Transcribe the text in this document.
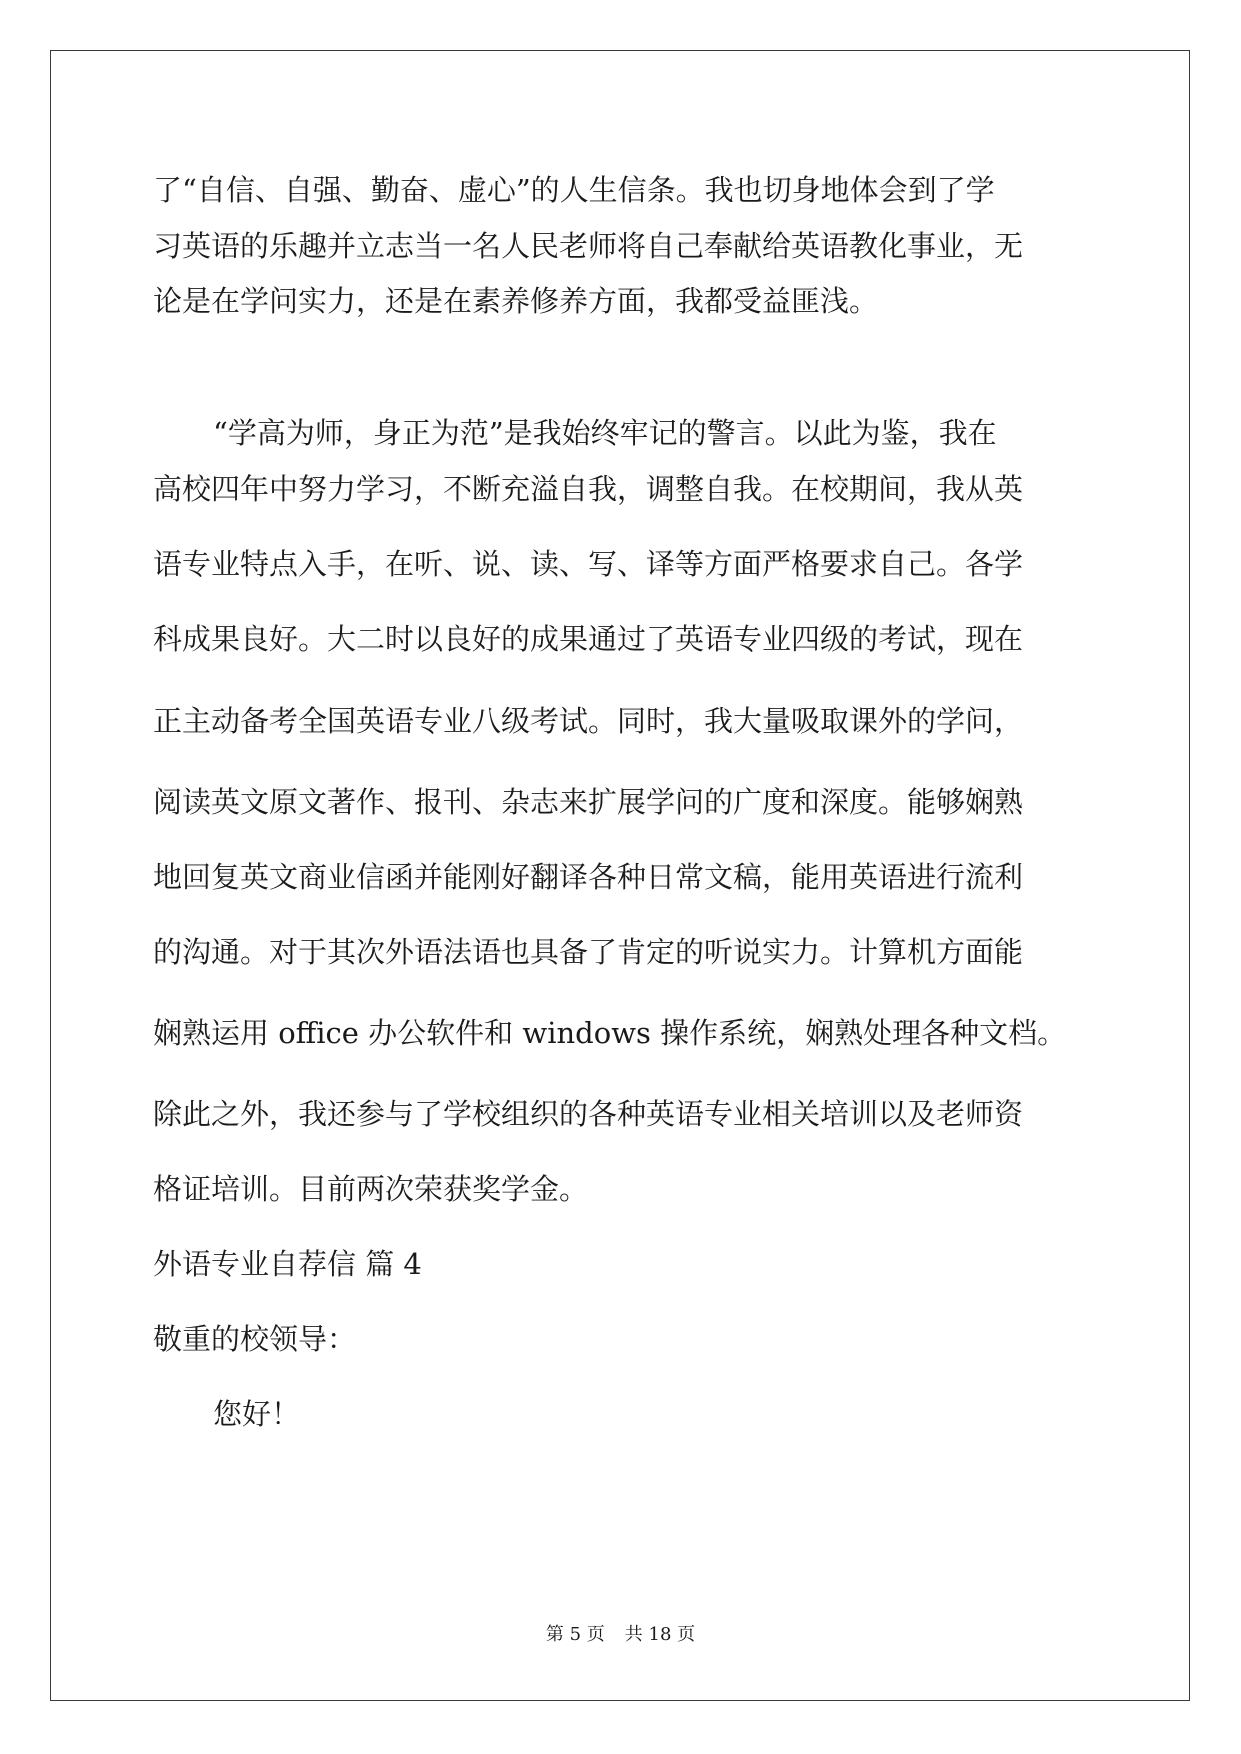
了“自信、自强、勤奋、虚心”的人生信条。我也切身地体会到了学

习英语的乐趣并立志当一名人民老师将自己奉献给英语教化事业，无

论是在学问实力，还是在素养修养方面，我都受益匪浅。

“学高为师，身正为范”是我始终牢记的警言。以此为鉴，我在

高校四年中努力学习，不断充溢自我，调整自我。在校期间，我从英

语专业特点入手，在听、说、读、写、译等方面严格要求自己。各学

科成果良好。大二时以良好的成果通过了英语专业四级的考试，现在

正主动备考全国英语专业八级考试。同时，我大量吸取课外的学问，

阅读英文原文著作、报刊、杂志来扩展学问的广度和深度。能够娴熟

地回复英文商业信函并能刚好翻译各种日常文稿，能用英语进行流利

的沟通。对于其次外语法语也具备了肯定的听说实力。计算机方面能

娴熟运用 office 办公软件和 windows 操作系统，娴熟处理各种文档。

除此之外，我还参与了学校组织的各种英语专业相关培训以及老师资

格证培训。目前两次荣获奖学金。

外语专业自荐信 篇 4

敬重的校领导：

您好！

第 5 页 共 18 页
